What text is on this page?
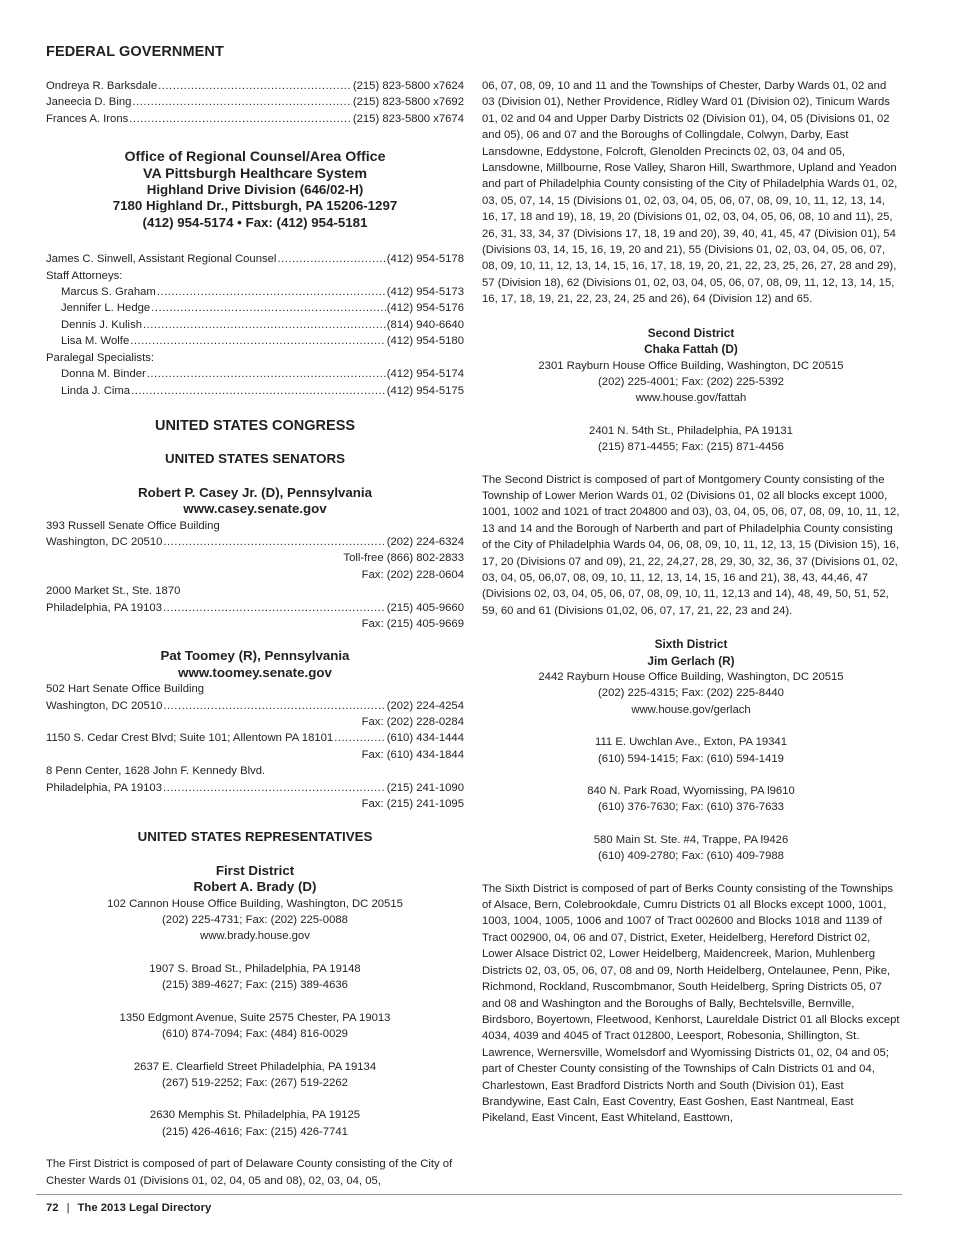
FEDERAL GOVERNMENT
Ondreya R. Barksdale .....	(215) 823-5800 x7624
Janeecia D. Bing .....	(215) 823-5800 x7692
Frances A. Irons .....	(215) 823-5800 x7674
Office of Regional Counsel/Area Office
VA Pittsburgh Healthcare System
Highland Drive Division (646/02-H)
7180 Highland Dr., Pittsburgh, PA 15206-1297
(412) 954-5174 • Fax: (412) 954-5181
James C. Sinwell, Assistant Regional Counsel .....	(412) 954-5178
Staff Attorneys:
Marcus S. Graham .....	(412) 954-5173
Jennifer L. Hedge .....	(412) 954-5176
Dennis J. Kulish .....	(814) 940-6640
Lisa M. Wolfe .....	(412) 954-5180
Paralegal Specialists:
Donna M. Binder .....	(412) 954-5174
Linda J. Cima .....	(412) 954-5175
UNITED STATES CONGRESS
UNITED STATES SENATORS
Robert P. Casey Jr. (D), Pennsylvania
www.casey.senate.gov
393 Russell Senate Office Building
Washington, DC 20510 .....	(202) 224-6324
Toll-free (866) 802-2833
Fax: (202) 228-0604
2000 Market St., Ste. 1870
Philadelphia, PA 19103 .....	(215) 405-9660
Fax: (215) 405-9669
Pat Toomey (R), Pennsylvania
www.toomey.senate.gov
502 Hart Senate Office Building
Washington, DC 20510 .....	(202) 224-4254
Fax: (202) 228-0284
1150 S. Cedar Crest Blvd; Suite 101; Allentown PA 18101 .....	(610) 434-1444
Fax: (610) 434-1844
8 Penn Center, 1628 John F. Kennedy Blvd.
Philadelphia, PA 19103 .....	(215) 241-1090
Fax: (215) 241-1095
UNITED STATES REPRESENTATIVES
First District
Robert A. Brady (D)
102 Cannon House Office Building, Washington, DC 20515
(202) 225-4731; Fax: (202) 225-0088
www.brady.house.gov
1907 S. Broad St., Philadelphia, PA 19148
(215) 389-4627; Fax: (215) 389-4636
1350 Edgmont Avenue, Suite 2575 Chester, PA 19013
(610) 874-7094; Fax: (484) 816-0029
2637 E. Clearfield Street Philadelphia, PA 19134
(267) 519-2252; Fax: (267) 519-2262
2630 Memphis St. Philadelphia, PA 19125
(215) 426-4616; Fax: (215) 426-7741

The First District is composed of part of Delaware County consisting of the City of Chester Wards 01 (Divisions 01, 02, 04, 05 and 08), 02, 03, 04, 05,

06, 07, 08, 09, 10 and 11 and the Townships of Chester, Darby Wards 01, 02 and 03 (Division 01), Nether Providence, Ridley Ward 01 (Division 02), Tinicum Wards 01, 02 and 04 and Upper Darby Districts 02 (Division 01), 04, 05 (Divisions 01, 02 and 05), 06 and 07 and the Boroughs of Collingdale, Colwyn, Darby, East Lansdowne, Eddystone, Folcroft, Glenolden Precincts 02, 03, 04 and 05, Lansdowne, Millbourne, Rose Valley, Sharon Hill, Swarthmore, Upland and Yeadon and part of Philadelphia County consisting of the City of Philadelphia Wards 01, 02, 03, 05, 07, 14, 15 (Divisions 01, 02, 03, 04, 05, 06, 07, 08, 09, 10, 11, 12, 13, 14, 16, 17, 18 and 19), 18, 19, 20 (Divisions 01, 02, 03, 04, 05, 06, 08, 10 and 11), 25, 26, 31, 33, 34, 37 (Divisions 17, 18, 19 and 20), 39, 40, 41, 45, 47 (Division 01), 54 (Divisions 03, 14, 15, 16, 19, 20 and 21), 55 (Divisions 01, 02, 03, 04, 05, 06, 07, 08, 09, 10, 11, 12, 13, 14, 15, 16, 17, 18, 19, 20, 21, 22, 23, 25, 26, 27, 28 and 29), 57 (Division 18), 62 (Divisions 01, 02, 03, 04, 05, 06, 07, 08, 09, 11, 12, 13, 14, 15, 16, 17, 18, 19, 21, 22, 23, 24, 25 and 26), 64 (Division 12) and 65.

Second District
Chaka Fattah (D)
2301 Rayburn House Office Building, Washington, DC 20515
(202) 225-4001; Fax: (202) 225-5392
www.house.gov/fattah
2401 N. 54th St., Philadelphia, PA 19131
(215) 871-4455; Fax: (215) 871-4456

The Second District is composed of part of Montgomery County consisting of the Township of Lower Merion Wards 01, 02 (Divisions 01, 02 all blocks except 1000, 1001, 1002 and 1021 of tract 204800 and 03), 03, 04, 05, 06, 07, 08, 09, 10, 11, 12, 13 and 14 and the Borough of Narberth and part of Philadelphia County consisting of the City of Philadelphia Wards 04, 06, 08, 09, 10, 11, 12, 13, 15 (Division 15), 16, 17, 20 (Divisions 07 and 09), 21, 22, 24,27, 28, 29, 30, 32, 36, 37 (Divisions 01, 02, 03, 04, 05, 06,07, 08, 09, 10, 11, 12, 13, 14, 15, 16 and 21), 38, 43, 44,46, 47 (Divisions 02, 03, 04, 05, 06, 07, 08, 09, 10, 11, 12,13 and 14), 48, 49, 50, 51, 52, 59, 60 and 61 (Divisions 01,02, 06, 07, 17, 21, 22, 23 and 24).

Sixth District
Jim Gerlach (R)
2442 Rayburn House Office Building, Washington, DC 20515
(202) 225-4315; Fax: (202) 225-8440
www.house.gov/gerlach
111 E. Uwchlan Ave., Exton, PA 19341
(610) 594-1415; Fax: (610) 594-1419
840 N. Park Road, Wyomissing, PA l9610
(610) 376-7630; Fax: (610) 376-7633
580 Main St. Ste. #4, Trappe, PA l9426
(610) 409-2780; Fax: (610) 409-7988

The Sixth District is composed of part of Berks County consisting of the Townships of Alsace, Bern, Colebrookdale, Cumru Districts 01 all Blocks except 1000, 1001, 1003, 1004, 1005, 1006 and 1007 of Tract 002600 and Blocks 1018 and 1139 of Tract 002900, 04, 06 and 07, District, Exeter, Heidelberg, Hereford District 02, Lower Alsace District 02, Lower Heidelberg, Maidencreek, Marion, Muhlenberg Districts 02, 03, 05, 06, 07, 08 and 09, North Heidelberg, Ontelaunee, Penn, Pike, Richmond, Rockland, Ruscombmanor, South Heidelberg, Spring Districts 05, 07 and 08 and Washington and the Boroughs of Bally, Bechtelsville, Bernville, Birdsboro, Boyertown, Fleetwood, Kenhorst, Laureldale District 01 all Blocks except 4034, 4039 and 4045 of Tract 012800, Leesport, Robesonia, Shillington, St. Lawrence, Wernersville, Womelsdorf and Wyomissing Districts 01, 02, 04 and 05; part of Chester County consisting of the Townships of Caln Districts 01 and 04, Charlestown, East Bradford Districts North and South (Division 01), East Brandywine, East Caln, East Coventry, East Goshen, East Nantmeal, East Pikeland, East Vincent, East Whiteland, Easttown,

72 | The 2013 Legal Directory
